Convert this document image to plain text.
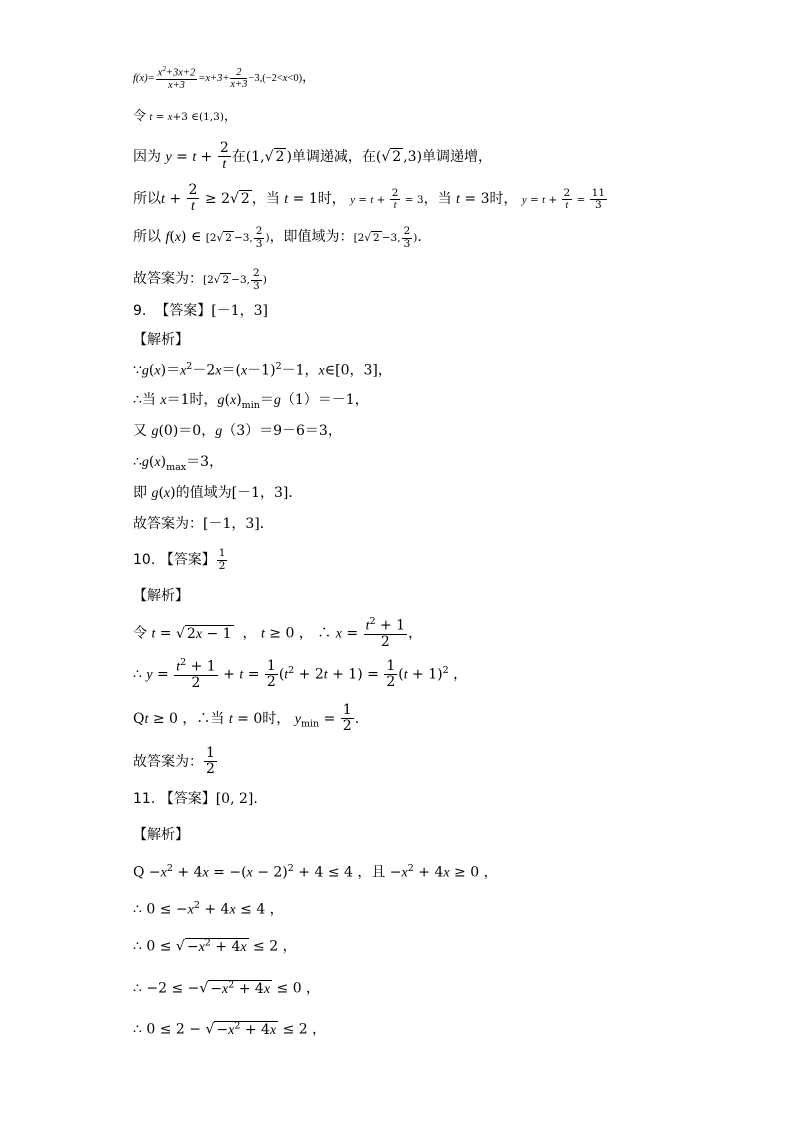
$f(x)= \frac{x^2+3x+2}{x+3} =x+3+ \frac{2}{x+3} -3,(-2<x<0)$，
令 t = x+3 ∈(1,3)，
因为 $y = t + \frac{2}{t}$ 在(1,√ 2 )单调递减，在(√ 2 ,3)单调递增，
所以$t + \frac{2}{t} \ge 2√$ 2 ，当 t = 1时， $y = t + \frac{2}{t} = 3$，当 t = 3时， $y = t + \frac{2}{t} = \frac{11}{3}$
所以 f(x) ∈ [2√ 2 −3, $\frac{2}{3}$ )，即值域为：[2√ 2 −3, $\frac{2}{3}$ ).
故答案为：[2√ 2 −3, $\frac{2}{3}$ )
9.  【答案】[－1，3]
【解析】
$\because g(x)=x^2-2x=(x-1)^2-1$，x∈[0，3]，
∴当 x＝1时，$g(x)_{min}=g(1)=-1$，
又 g(0)＝0，g（3）＝9－6＝3，
$\therefore g(x)_{max}=3$，
即 g(x)的值域为[－1，3]．
故答案为：[－1，3]．
10. 【答案】 $\frac{1}{2}$
【解析】
令 t = √ 2x − 1  ， t ≥ 0 ， ∴ $x = \frac{t^2 + 1}{2}$ ，
∴ $y = \frac{t^2 + 1}{2} + t = \frac{1}{2} (t^2 + 2t + 1) = \frac{1}{2} (t + 1)^2$ ，
Qt ≥ 0 ，∴当 t = 0时， $y_{min} = \frac{1}{2}$ .
故答案为： $\frac{1}{2}$
11. 【答案】[0, 2].
【解析】
$Q -x^2 + 4x = -(x - 2)^2 + 4 \le 4$ ，且 $-x^2 + 4x \ge 0$ ，
∴ $0 \le -x^2 + 4x \le 4$ ，
∴ 0 ≤ √ $-x^2 + 4x \le 2$ ，
∴ −2 ≤ −√ $-x^2 + 4x \le 0$ ，
∴ 0 ≤ 2 − √ $-x^2 + 4x \le 2$ ，
